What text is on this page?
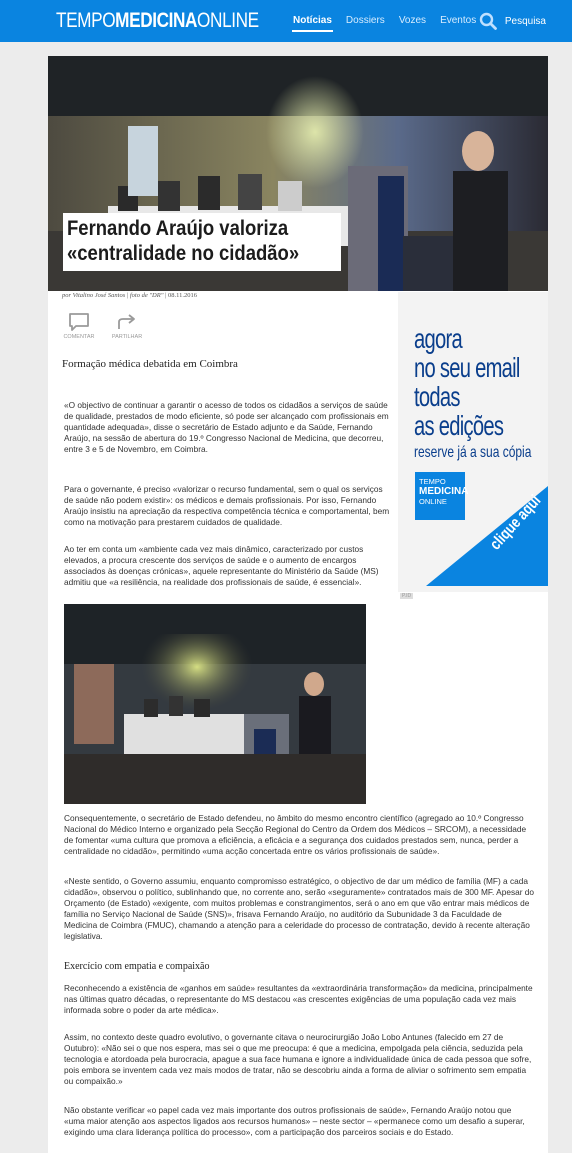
TEMPOMEDICINAONLINE	Notícias	Dossiers	Vozes	Eventos	Pesquisa
Fernando Araújo valoriza
«centralidade no cidadão»
por Vitalino José Santos | foto de "DR" | 08.11.2016
COMENTAR	PARTILHAR
Formação médica debatida em Coimbra

«O objectivo de continuar a garantir o acesso de todos os cidadãos a serviços de saúde de qualidade, prestados de modo eficiente, só pode ser alcançado com profissionais em quantidade adequada», disse o secretário de Estado adjunto e da Saúde, Fernando Araújo, na sessão de abertura do 19.º Congresso Nacional de Medicina, que decorreu, entre 3 e 5 de Novembro, em Coimbra.

Para o governante, é preciso «valorizar o recurso fundamental, sem o qual os serviços de saúde não podem existir»: os médicos e demais profissionais. Por isso, Fernando Araújo insistiu na apreciação da respectiva competência técnica e comportamental, bem como na motivação para prestarem cuidados de qualidade.

Ao ter em conta um «ambiente cada vez mais dinâmico, caracterizado por custos elevados, a procura crescente dos serviços de saúde e o aumento de encargos associados às doenças crónicas», aquele representante do Ministério da Saúde (MS) admitiu que «a resiliência, na realidade dos profissionais de saúde, é essencial».

Consequentemente, o secretário de Estado defendeu, no âmbito do mesmo encontro científico (agregado ao 10.º Congresso Nacional do Médico Interno e organizado pela Secção Regional do Centro da Ordem dos Médicos – SRCOM), a necessidade de fomentar «uma cultura que promova a eficiência, a eficácia e a segurança dos cuidados prestados sem, nunca, perder a centralidade no cidadão», permitindo «uma acção concertada entre os vários profissionais de saúde».

«Neste sentido, o Governo assumiu, enquanto compromisso estratégico, o objectivo de dar um médico de família (MF) a cada cidadão», observou o político, sublinhando que, no corrente ano, serão «seguramente» contratados mais de 300 MF. Apesar do Orçamento (de Estado) «exigente, com muitos problemas e constrangimentos, será o ano em que vão entrar mais médicos de família no Serviço Nacional de Saúde (SNS)», frisava Fernando Araújo, no auditório da Subunidade 3 da Faculdade de Medicina de Coimbra (FMUC), chamando a atenção para a celeridade do processo de contratação, devido à recente alteração legislativa.

Exercício com empatia e compaixão

Reconhecendo a existência de «ganhos em saúde» resultantes da «extraordinária transformação» da medicina, principalmente nas últimas quatro décadas, o representante do MS destacou «as crescentes exigências de uma população cada vez mais informada sobre o poder da arte médica».

Assim, no contexto deste quadro evolutivo, o governante citava o neurocirurgião João Lobo Antunes (falecido em 27 de Outubro): «Não sei o que nos espera, mas sei o que me preocupa: é que a medicina, empolgada pela ciência, seduzida pela tecnologia e atordoada pela burocracia, apague a sua face humana e ignore a individualidade única de cada pessoa que sofre, pois embora se inventem cada vez mais modos de tratar, não se descobriu ainda a forma de aliviar o sofrimento sem empatia ou compaixão.»

Não obstante verificar «o papel cada vez mais importante dos outros profissionais de saúde», Fernando Araújo notou que «uma maior atenção aos aspectos ligados aos recursos humanos» – neste sector – «permanece como um desafio a superar, exigindo uma clara liderança política do processo», com a participação dos parceiros sociais e do Estado.

agora
no seu email
todas
as edições
reserve já a sua cópia
TEMPO
MEDICINA
ONLINE	clique aqui
P.ID
